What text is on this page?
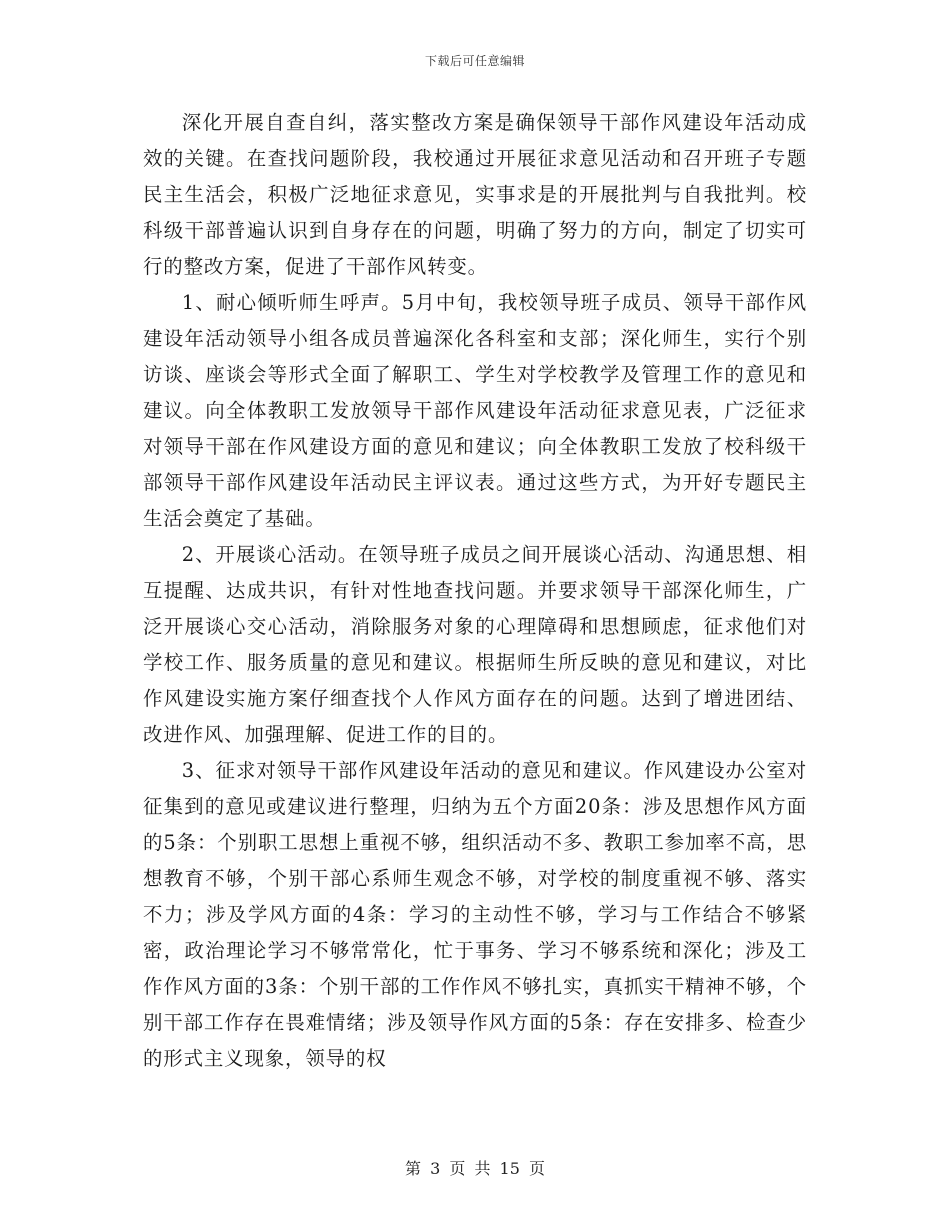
下载后可任意编辑

深化开展自查自纠，落实整改方案是确保领导干部作风建设年活动成效的关键。在查找问题阶段，我校通过开展征求意见活动和召开班子专题民主生活会，积极广泛地征求意见，实事求是的开展批判与自我批判。校科级干部普遍认识到自身存在的问题，明确了努力的方向，制定了切实可行的整改方案，促进了干部作风转变。

1、耐心倾听师生呼声。5月中旬，我校领导班子成员、领导干部作风建设年活动领导小组各成员普遍深化各科室和支部；深化师生，实行个别访谈、座谈会等形式全面了解职工、学生对学校教学及管理工作的意见和建议。向全体教职工发放领导干部作风建设年活动征求意见表，广泛征求对领导干部在作风建设方面的意见和建议；向全体教职工发放了校科级干部领导干部作风建设年活动民主评议表。通过这些方式，为开好专题民主生活会奠定了基础。

2、开展谈心活动。在领导班子成员之间开展谈心活动、沟通思想、相互提醒、达成共识，有针对性地查找问题。并要求领导干部深化师生，广泛开展谈心交心活动，消除服务对象的心理障碍和思想顾虑，征求他们对学校工作、服务质量的意见和建议。根据师生所反映的意见和建议，对比作风建设实施方案仔细查找个人作风方面存在的问题。达到了增进团结、改进作风、加强理解、促进工作的目的。

3、征求对领导干部作风建设年活动的意见和建议。作风建设办公室对征集到的意见或建议进行整理，归纳为五个方面20条：涉及思想作风方面的5条：个别职工思想上重视不够，组织活动不多、教职工参加率不高，思想教育不够，个别干部心系师生观念不够，对学校的制度重视不够、落实不力；涉及学风方面的4条：学习的主动性不够，学习与工作结合不够紧密，政治理论学习不够常常化，忙于事务、学习不够系统和深化；涉及工作作风方面的3条：个别干部的工作作风不够扎实，真抓实干精神不够，个别干部工作存在畏难情绪；涉及领导作风方面的5条：存在安排多、检查少的形式主义现象，领导的权

第 3 页 共 15 页
